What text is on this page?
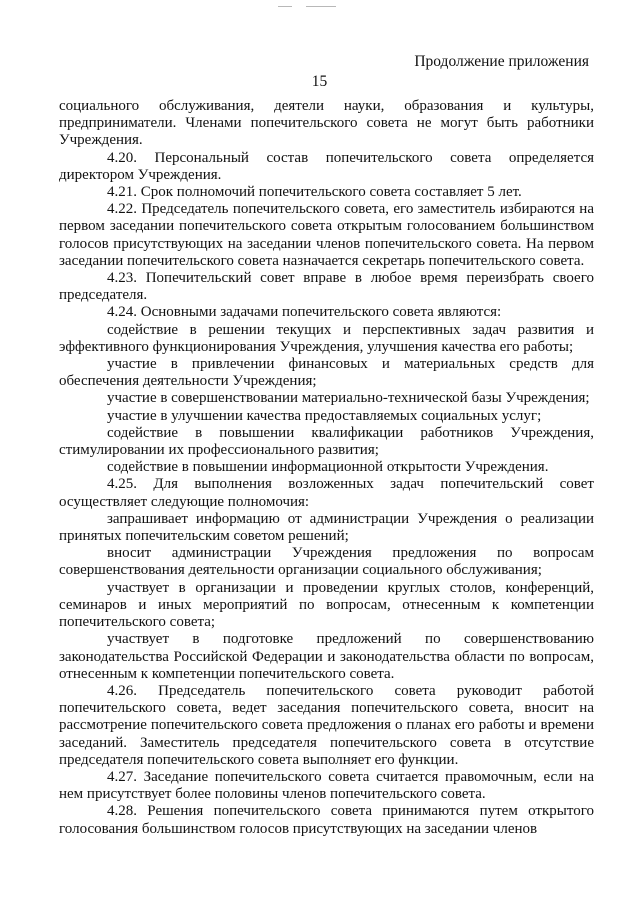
Продолжение приложения
15

социального обслуживания, деятели науки, образования и культуры, предприниматели. Членами попечительского совета не могут быть работники Учреждения.

4.20. Персональный состав попечительского совета определяется директором Учреждения.

4.21. Срок полномочий попечительского совета составляет 5 лет.

4.22. Председатель попечительского совета, его заместитель избираются на первом заседании попечительского совета открытым голосованием большинством голосов присутствующих на заседании членов попечительского совета. На первом заседании попечительского совета назначается секретарь попечительского совета.

4.23. Попечительский совет вправе в любое время переизбрать своего председателя.

4.24. Основными задачами попечительского совета являются:

содействие в решении текущих и перспективных задач развития и эффективного функционирования Учреждения, улучшения качества его работы;

участие в привлечении финансовых и материальных средств для обеспечения деятельности Учреждения;

участие в совершенствовании материально-технической базы Учреждения;

участие в улучшении качества предоставляемых социальных услуг;

содействие в повышении квалификации работников Учреждения, стимулировании их профессионального развития;

содействие в повышении информационной открытости Учреждения.

4.25. Для выполнения возложенных задач попечительский совет осуществляет следующие полномочия:

запрашивает информацию от администрации Учреждения о реализации принятых попечительским советом решений;

вносит администрации Учреждения предложения по вопросам совершенствования деятельности организации социального обслуживания;

участвует в организации и проведении круглых столов, конференций, семинаров и иных мероприятий по вопросам, отнесенным к компетенции попечительского совета;

участвует в подготовке предложений по совершенствованию законодательства Российской Федерации и законодательства области по вопросам, отнесенным к компетенции попечительского совета.

4.26. Председатель попечительского совета руководит работой попечительского совета, ведет заседания попечительского совета, вносит на рассмотрение попечительского совета предложения о планах его работы и времени заседаний. Заместитель председателя попечительского совета в отсутствие председателя попечительского совета выполняет его функции.

4.27. Заседание попечительского совета считается правомочным, если на нем присутствует более половины членов попечительского совета.

4.28. Решения попечительского совета принимаются путем открытого голосования большинством голосов присутствующих на заседании членов
